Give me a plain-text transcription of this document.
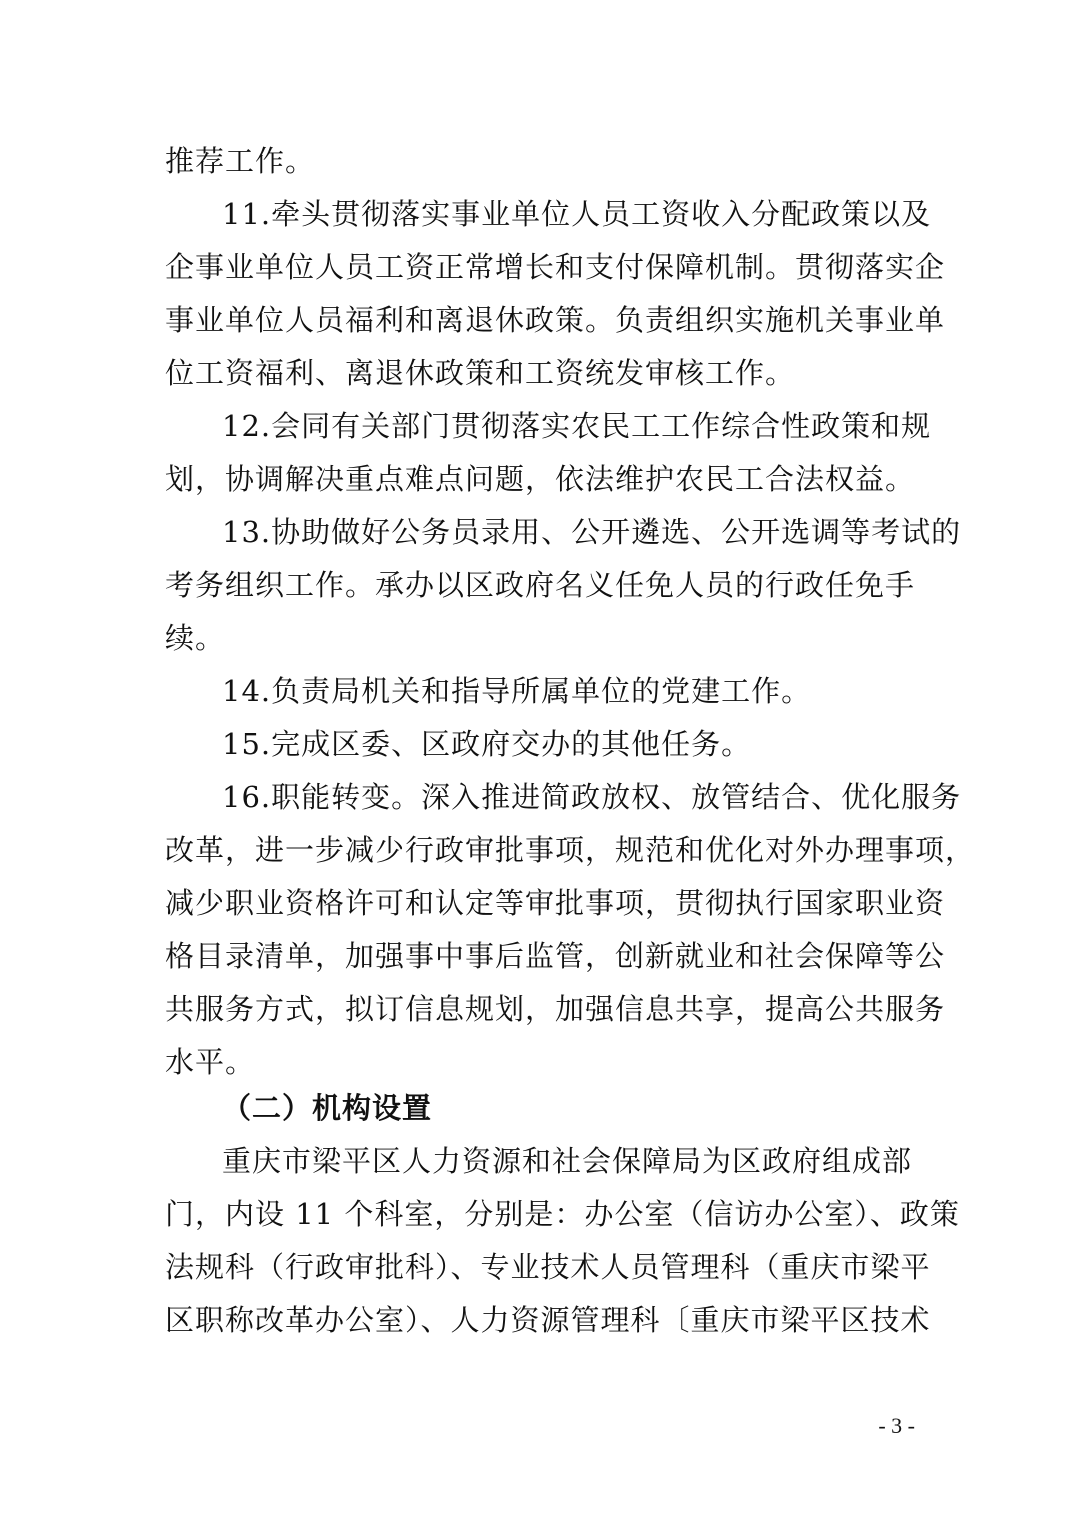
推荐工作。
11.牵头贯彻落实事业单位人员工资收入分配政策以及
企事业单位人员工资正常增长和支付保障机制。贯彻落实企
事业单位人员福利和离退休政策。负责组织实施机关事业单
位工资福利、离退休政策和工资统发审核工作。
12.会同有关部门贯彻落实农民工工作综合性政策和规
划，协调解决重点难点问题，依法维护农民工合法权益。
13.协助做好公务员录用、公开遴选、公开选调等考试的
考务组织工作。承办以区政府名义任免人员的行政任免手
续。
14.负责局机关和指导所属单位的党建工作。
15.完成区委、区政府交办的其他任务。
16.职能转变。深入推进简政放权、放管结合、优化服务
改革，进一步减少行政审批事项，规范和优化对外办理事项，
减少职业资格许可和认定等审批事项，贯彻执行国家职业资
格目录清单，加强事中事后监管，创新就业和社会保障等公
共服务方式，拟订信息规划，加强信息共享，提高公共服务
水平。
（二）机构设置
重庆市梁平区人力资源和社会保障局为区政府组成部
门，内设 11 个科室，分别是：办公室（信访办公室）、政策
法规科（行政审批科）、专业技术人员管理科（重庆市梁平
区职称改革办公室）、人力资源管理科〔重庆市梁平区技术
- 3 -
